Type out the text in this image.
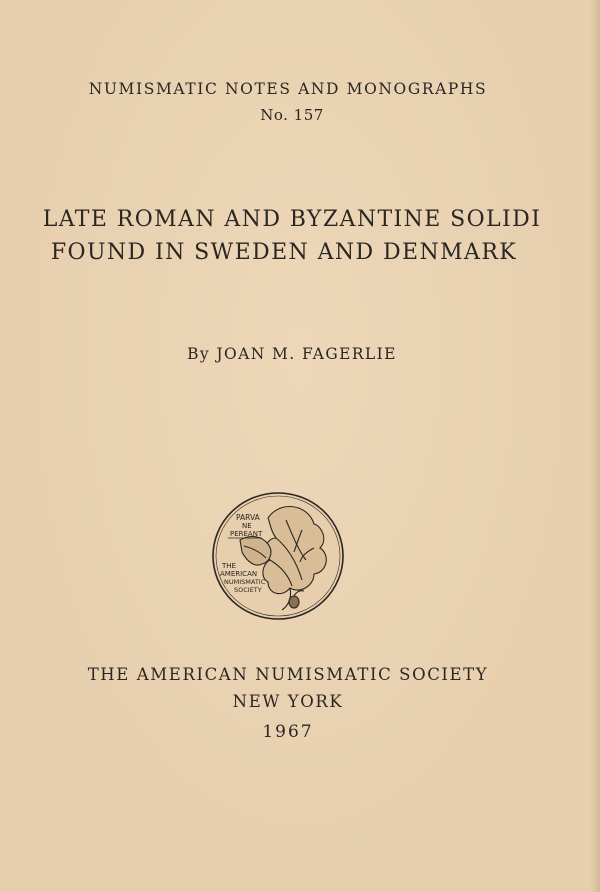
NUMISMATIC NOTES AND MONOGRAPHS
No. 157
LATE ROMAN AND BYZANTINE SOLIDI
FOUND IN SWEDEN AND DENMARK
By JOAN M. FAGERLIE
PARVA
NE
PEREANT
THE
AMERICAN
NUMISMATIC
SOCIETY
THE AMERICAN NUMISMATIC SOCIETY
NEW YORK
1967
